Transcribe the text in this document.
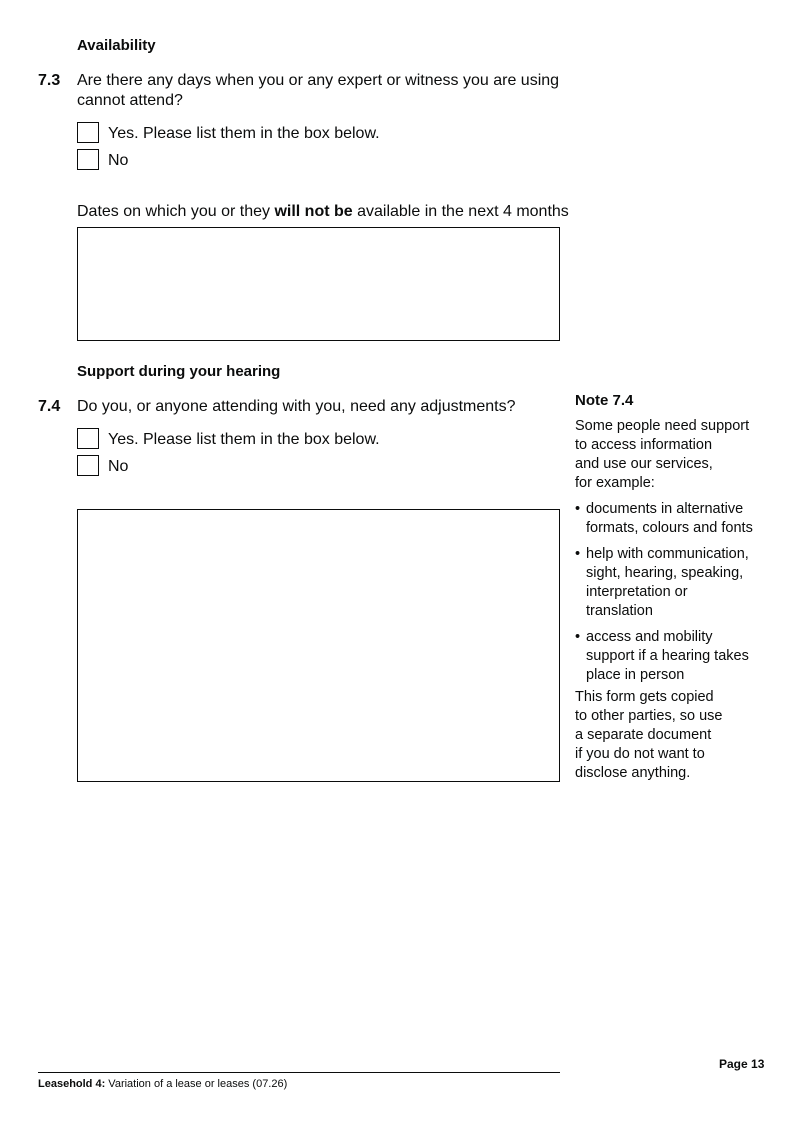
Availability
7.3 Are there any days when you or any expert or witness you are using
cannot attend?
Yes. Please list them in the box below.
No
Dates on which you or they will not be available in the next 4 months
Support during your hearing
7.4 Do you, or anyone attending with you, need any adjustments?
Yes. Please list them in the box below.
No
Note 7.4
Some people need support
to access information
and use our services,
for example:
• documents in alternative
formats, colours and fonts
• help with communication,
sight, hearing, speaking,
interpretation or
translation
• access and mobility
support if a hearing takes
place in person
This form gets copied
to other parties, so use
a separate document
if you do not want to
disclose anything.
Page 13
Leasehold 4: Variation of a lease or leases (07.26)
